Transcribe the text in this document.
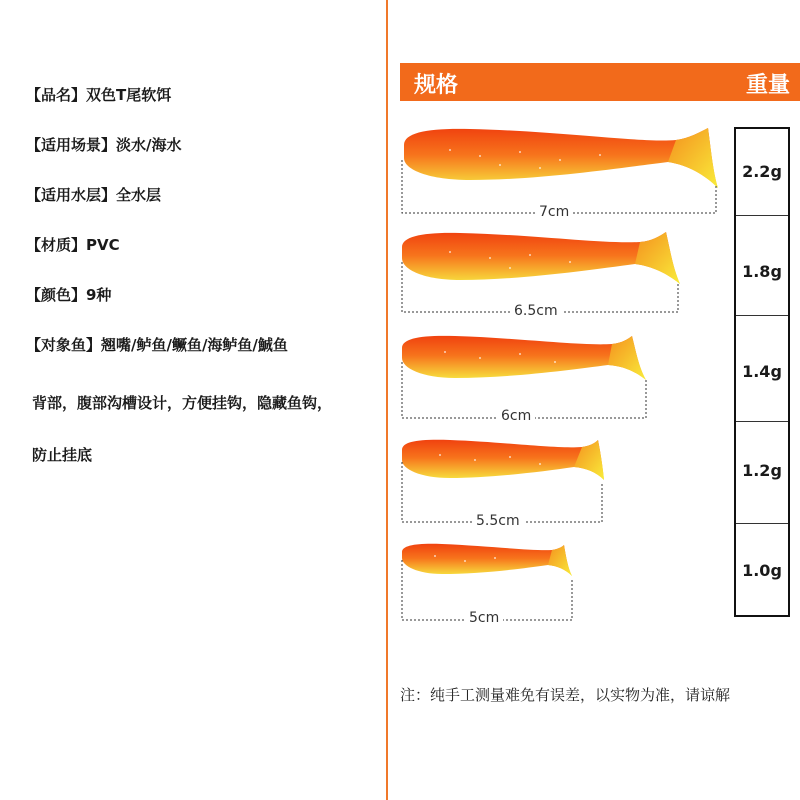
【品名】双色T尾软饵
【适用场景】淡水/海水
【适用水层】全水层
【材质】PVC
【颜色】9种
【对象鱼】翘嘴/鲈鱼/鳜鱼/海鲈鱼/鯎鱼
背部，腹部沟槽设计，方便挂钩，隐藏鱼钩，
防止挂底
规格	重量
7cm
6.5cm
6cm
5.5cm
5cm
2.2g
1.8g
1.4g
1.2g
1.0g
注：纯手工测量难免有误差，以实物为准，请谅解
